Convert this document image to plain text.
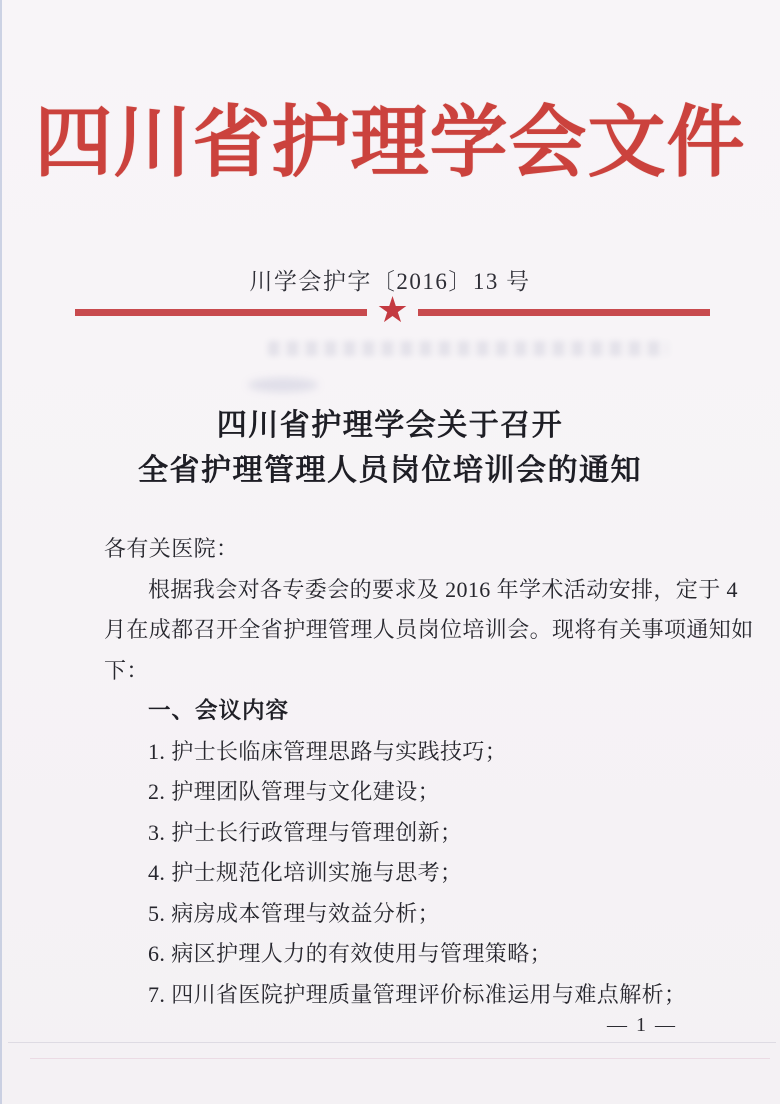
四川省护理学会文件
川学会护字〔2016〕13 号
★
四川省护理学会关于召开
全省护理管理人员岗位培训会的通知
各有关医院：
根据我会对各专委会的要求及 2016 年学术活动安排，定于 4
月在成都召开全省护理管理人员岗位培训会。现将有关事项通知如
下：
一、会议内容
1. 护士长临床管理思路与实践技巧；
2. 护理团队管理与文化建设；
3. 护士长行政管理与管理创新；
4. 护士规范化培训实施与思考；
5. 病房成本管理与效益分析；
6. 病区护理人力的有效使用与管理策略；
7. 四川省医院护理质量管理评价标准运用与难点解析；
— 1 —
